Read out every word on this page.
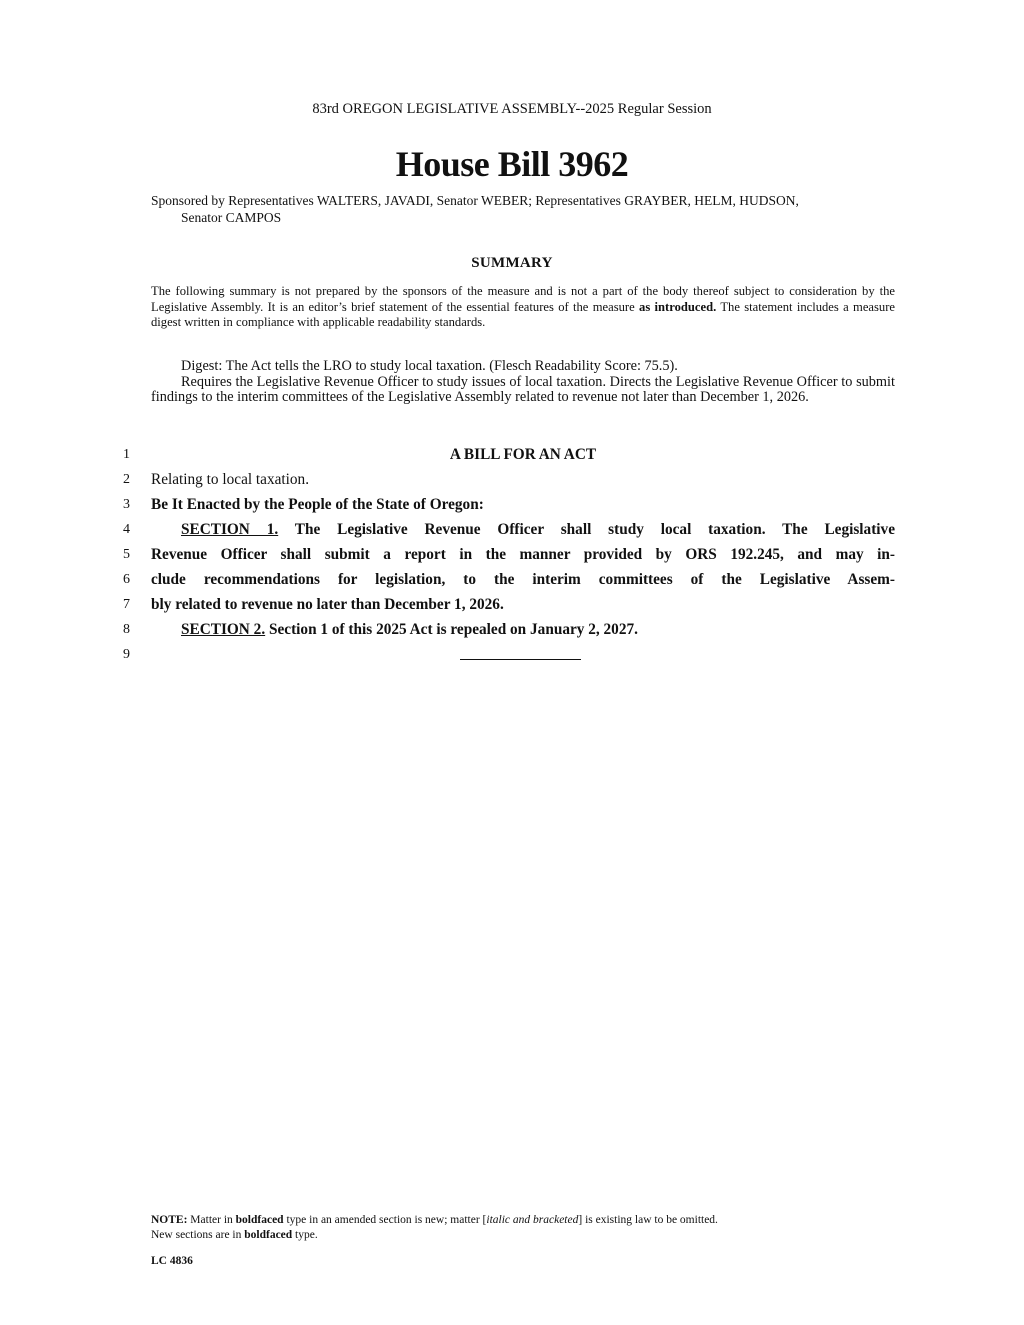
83rd OREGON LEGISLATIVE ASSEMBLY--2025 Regular Session
House Bill 3962
Sponsored by Representatives WALTERS, JAVADI, Senator WEBER; Representatives GRAYBER, HELM, HUDSON,
Senator CAMPOS
SUMMARY
The following summary is not prepared by the sponsors of the measure and is not a part of the body thereof subject to consideration by the Legislative Assembly. It is an editor’s brief statement of the essential features of the measure as introduced. The statement includes a measure digest written in compliance with applicable readability standards.

Digest: The Act tells the LRO to study local taxation. (Flesch Readability Score: 75.5).

Requires the Legislative Revenue Officer to study issues of local taxation. Directs the Legislative Revenue Officer to submit findings to the interim committees of the Legislative Assembly related to revenue not later than December 1, 2026.

1
2
3
4
5
6
7
8
9
A BILL FOR AN ACT
Relating to local taxation.
Be It Enacted by the People of the State of Oregon:
SECTION 1. The Legislative Revenue Officer shall study local taxation. The Legislative
Revenue Officer shall submit a report in the manner provided by ORS 192.245, and may in-
clude recommendations for legislation, to the interim committees of the Legislative Assem-
bly related to revenue no later than December 1, 2026.
SECTION 2. Section 1 of this 2025 Act is repealed on January 2, 2027.
NOTE: Matter in boldfaced type in an amended section is new; matter [italic and bracketed] is existing law to be omitted.
New sections are in boldfaced type.
LC 4836
